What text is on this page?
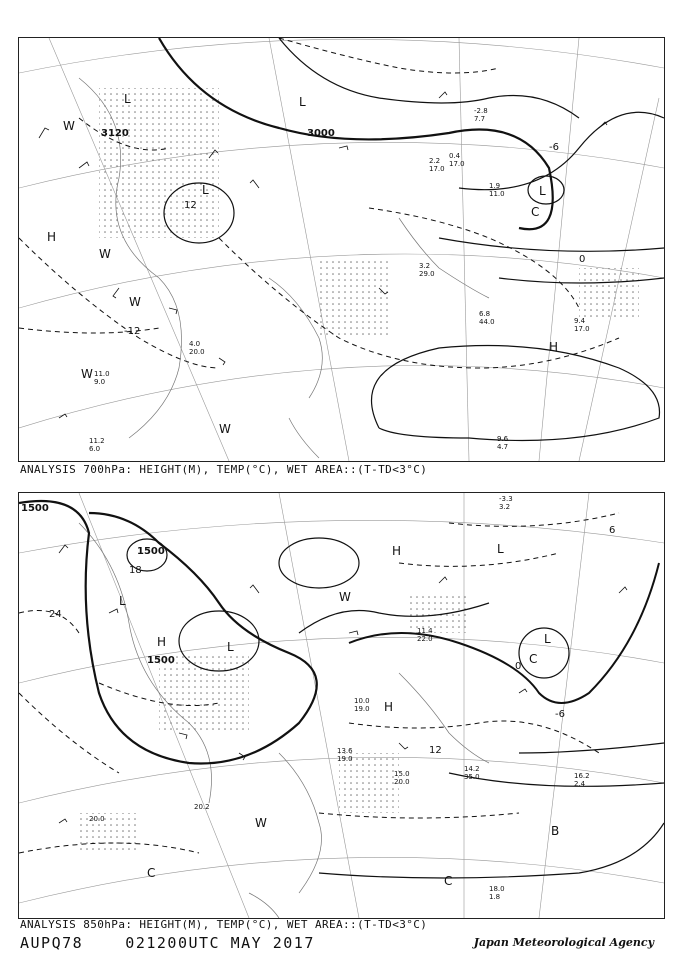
3120	3000
-12
12
0
-6
L	L
L	L
H
H
W
W
W
W
W
C
2.2
17.0
6.8
44.0	9.4
17.0
9.6
4.7
11.2
6.0
4.0
20.0
0.4
17.0
3.2
29.0
1.9
11.0
-2.8
7.7
11.0
9.0
ANALYSIS 700hPa: HEIGHT(M), TEMP(°C), WET AREA::(T-TD<3°C)
1500
1500
1500
18
24
12
0
-6
6
H
L
L
L
L
H
H
W
W
C
C
C
B
14.2
35.0	16.2
2.4
15.0
20.0
18.0
1.8
20.2
20.0
13.6
19.0
-3.3
3.2
11.4
22.0
10.0
19.0
ANALYSIS 850hPa: HEIGHT(M), TEMP(°C), WET AREA::(T-TD<3°C)
AUPQ78    021200UTC MAY 2017	Japan Meteorological Agency
